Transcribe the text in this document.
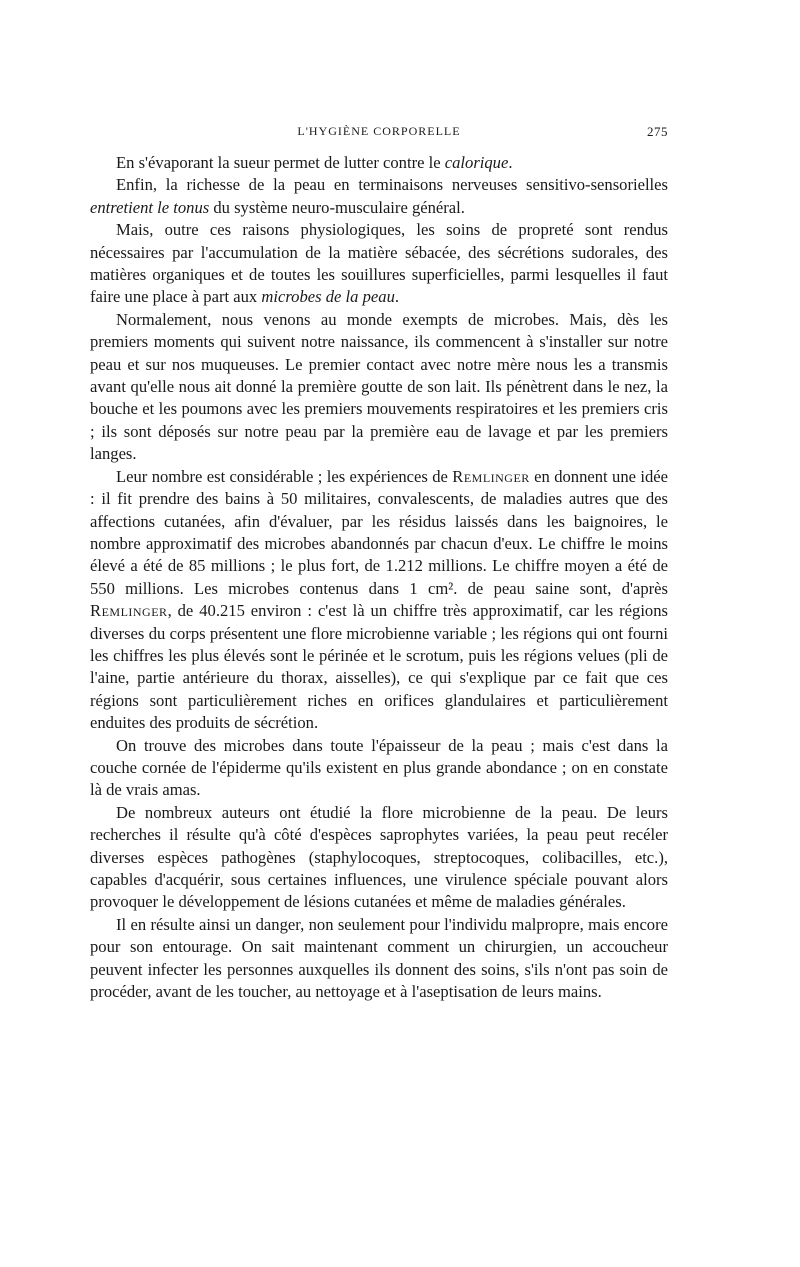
L'HYGIÈNE CORPORELLE	275

En s'évaporant la sueur permet de lutter contre le calorique.

Enfin, la richesse de la peau en terminaisons nerveuses sensitivo-sensorielles entretient le tonus du système neuro-musculaire général.

Mais, outre ces raisons physiologiques, les soins de propreté sont rendus nécessaires par l'accumulation de la matière sébacée, des sécrétions sudorales, des matières organiques et de toutes les souillures superficielles, parmi lesquelles il faut faire une place à part aux microbes de la peau.

Normalement, nous venons au monde exempts de microbes. Mais, dès les premiers moments qui suivent notre naissance, ils commencent à s'installer sur notre peau et sur nos muqueuses. Le premier contact avec notre mère nous les a transmis avant qu'elle nous ait donné la première goutte de son lait. Ils pénètrent dans le nez, la bouche et les poumons avec les premiers mouvements respiratoires et les premiers cris ; ils sont déposés sur notre peau par la première eau de lavage et par les premiers langes.

Leur nombre est considérable ; les expériences de Remlinger en donnent une idée : il fit prendre des bains à 50 militaires, convalescents, de maladies autres que des affections cutanées, afin d'évaluer, par les résidus laissés dans les baignoires, le nombre approximatif des microbes abandonnés par chacun d'eux. Le chiffre le moins élevé a été de 85 millions ; le plus fort, de 1.212 millions. Le chiffre moyen a été de 550 millions. Les microbes contenus dans 1 cm². de peau saine sont, d'après Remlinger, de 40.215 environ : c'est là un chiffre très approximatif, car les régions diverses du corps présentent une flore microbienne variable ; les régions qui ont fourni les chiffres les plus élevés sont le périnée et le scrotum, puis les régions velues (pli de l'aine, partie antérieure du thorax, aisselles), ce qui s'explique par ce fait que ces régions sont particulièrement riches en orifices glandulaires et particulièrement enduites des produits de sécrétion.

On trouve des microbes dans toute l'épaisseur de la peau ; mais c'est dans la couche cornée de l'épiderme qu'ils existent en plus grande abondance ; on en constate là de vrais amas.

De nombreux auteurs ont étudié la flore microbienne de la peau. De leurs recherches il résulte qu'à côté d'espèces saprophytes variées, la peau peut recéler diverses espèces pathogènes (staphylocoques, streptocoques, colibacilles, etc.), capables d'acquérir, sous certaines influences, une virulence spéciale pouvant alors provoquer le développement de lésions cutanées et même de maladies générales.

Il en résulte ainsi un danger, non seulement pour l'individu malpropre, mais encore pour son entourage. On sait maintenant comment un chirurgien, un accoucheur peuvent infecter les personnes auxquelles ils donnent des soins, s'ils n'ont pas soin de procéder, avant de les toucher, au nettoyage et à l'aseptisation de leurs mains.
